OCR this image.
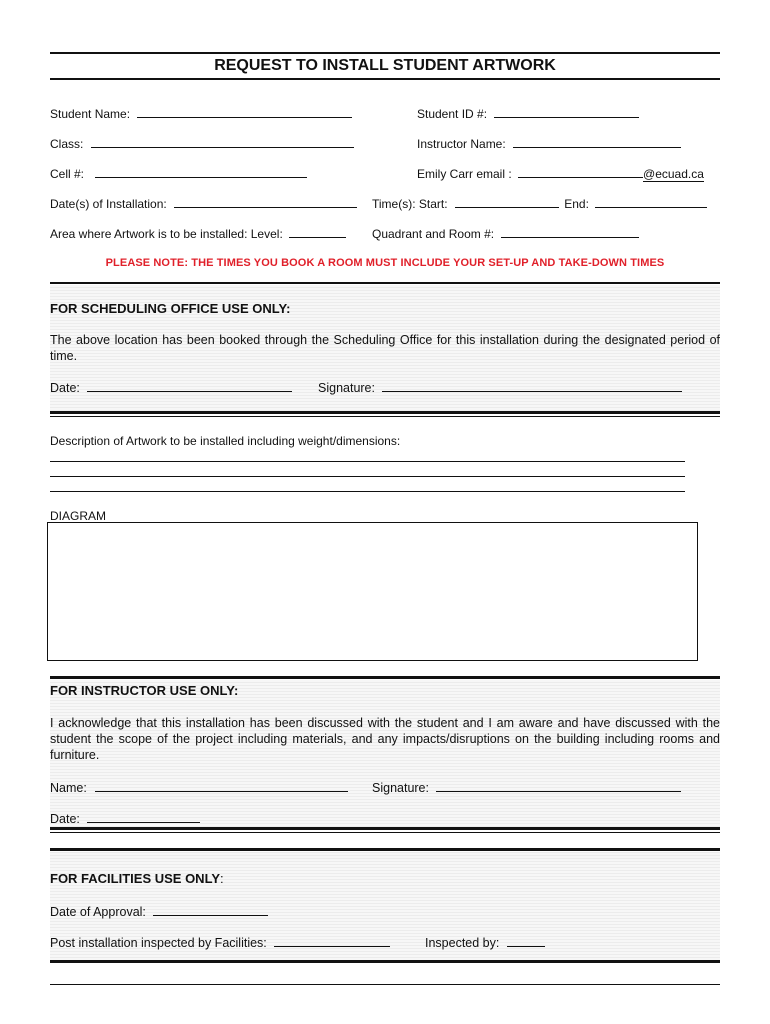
REQUEST TO INSTALL STUDENT ARTWORK
Student Name:	Student ID #:
Class:	Instructor Name:
Cell #:	Emily Carr email :	@ecuad.ca
Date(s) of Installation:	Time(s): Start:	End:
Area where Artwork is to be installed: Level:	Quadrant and Room #:
PLEASE NOTE: THE TIMES YOU BOOK A ROOM MUST INCLUDE YOUR SET-UP AND TAKE-DOWN TIMES
FOR SCHEDULING OFFICE USE ONLY:
The above location has been booked through the Scheduling Office for this installation during the designated period of time.
Date:	Signature:
Description of Artwork to be installed including weight/dimensions:
DIAGRAM
FOR INSTRUCTOR USE ONLY:
I acknowledge that this installation has been discussed with the student and I am aware and have discussed with the student the scope of the project including materials, and any impacts/disruptions on the building including rooms and furniture.
Name:	Signature:
Date:
FOR FACILITIES USE ONLY:
Date of Approval:
Post installation inspected by Facilities:	Inspected by:
